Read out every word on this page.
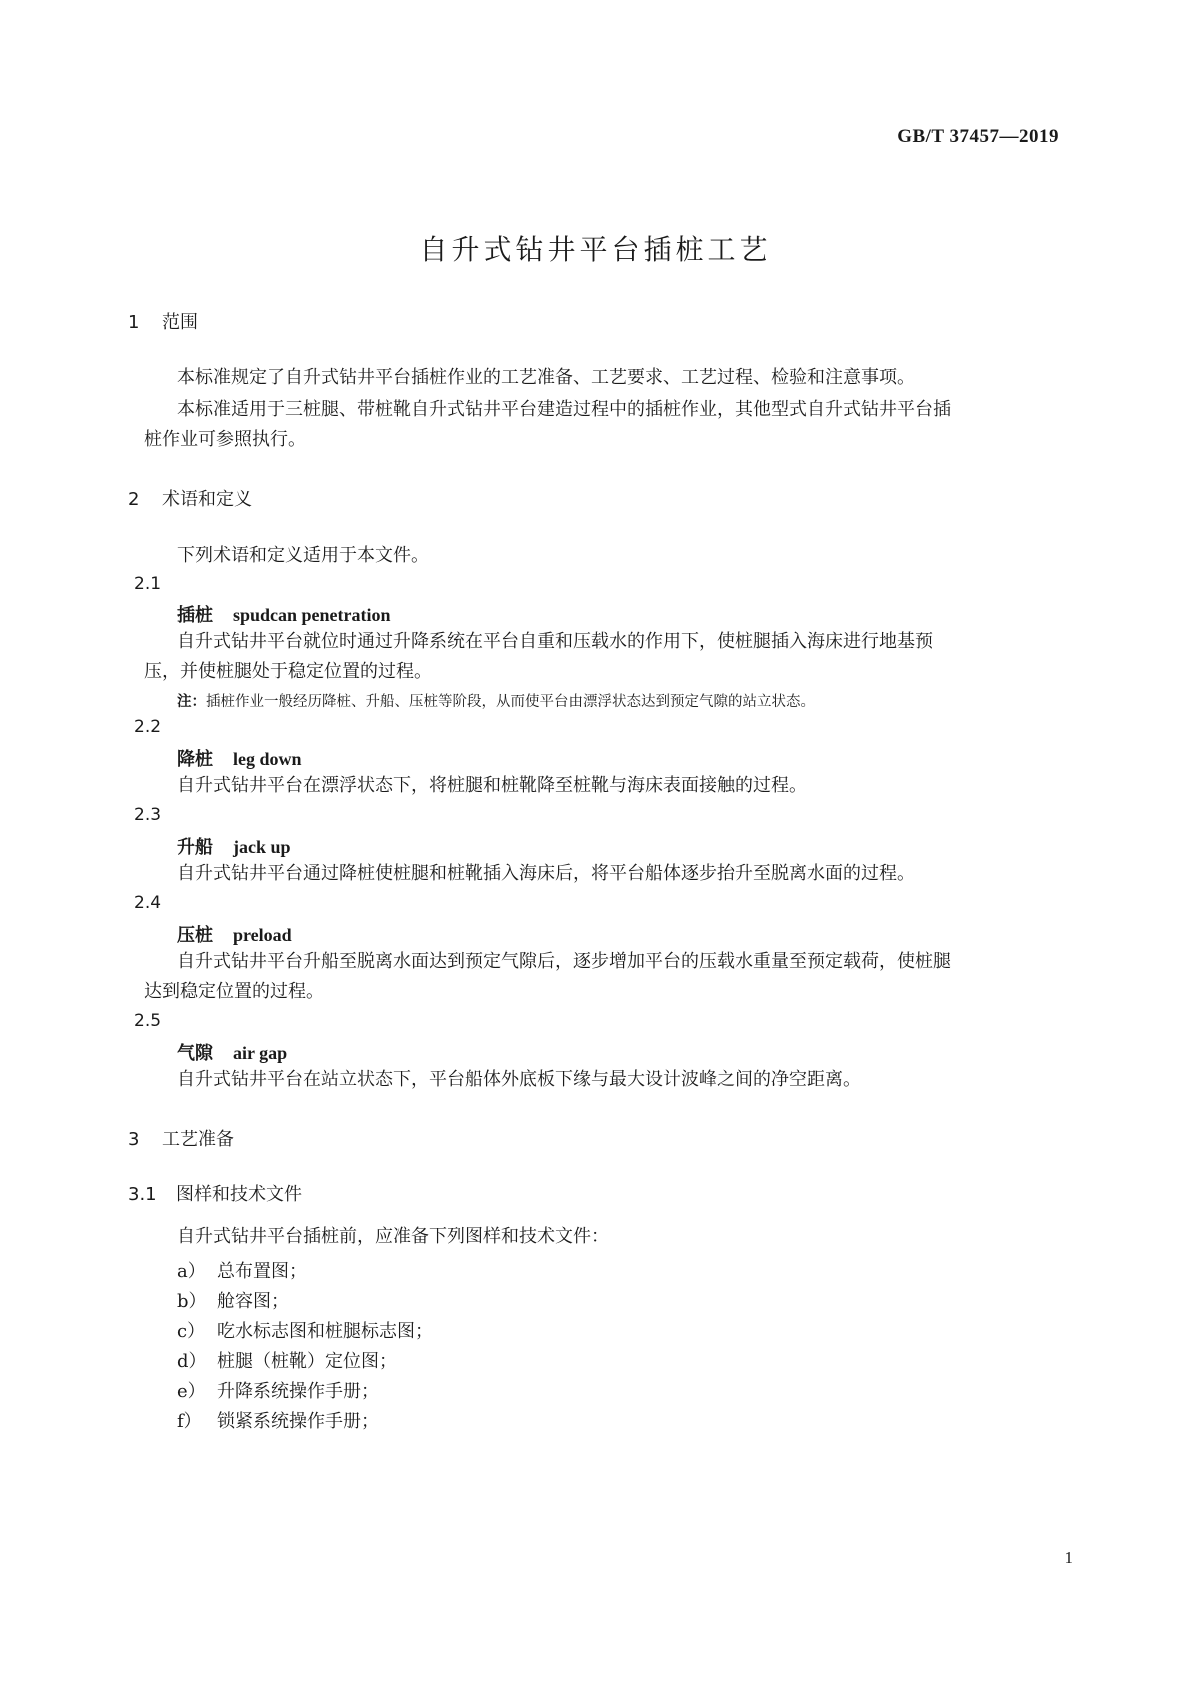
GB/T 37457—2019
自升式钻井平台插桩工艺
1 范围
本标准规定了自升式钻井平台插桩作业的工艺准备、工艺要求、工艺过程、检验和注意事项。
本标准适用于三桩腿、带桩靴自升式钻井平台建造过程中的插桩作业，其他型式自升式钻井平台插
桩作业可参照执行。
2 术语和定义
下列术语和定义适用于本文件。
2.1
插桩 spudcan penetration
自升式钻井平台就位时通过升降系统在平台自重和压载水的作用下，使桩腿插入海床进行地基预
压，并使桩腿处于稳定位置的过程。
注：插桩作业一般经历降桩、升船、压桩等阶段，从而使平台由漂浮状态达到预定气隙的站立状态。
2.2
降桩 leg down
自升式钻井平台在漂浮状态下，将桩腿和桩靴降至桩靴与海床表面接触的过程。
2.3
升船 jack up
自升式钻井平台通过降桩使桩腿和桩靴插入海床后，将平台船体逐步抬升至脱离水面的过程。
2.4
压桩 preload
自升式钻井平台升船至脱离水面达到预定气隙后，逐步增加平台的压载水重量至预定载荷，使桩腿
达到稳定位置的过程。
2.5
气隙 air gap
自升式钻井平台在站立状态下，平台船体外底板下缘与最大设计波峰之间的净空距离。
3 工艺准备
3.1 图样和技术文件
自升式钻井平台插桩前，应准备下列图样和技术文件：
a） 总布置图；
b） 舱容图；
c） 吃水标志图和桩腿标志图；
d） 桩腿（桩靴）定位图；
e） 升降系统操作手册；
f） 锁紧系统操作手册；
1
